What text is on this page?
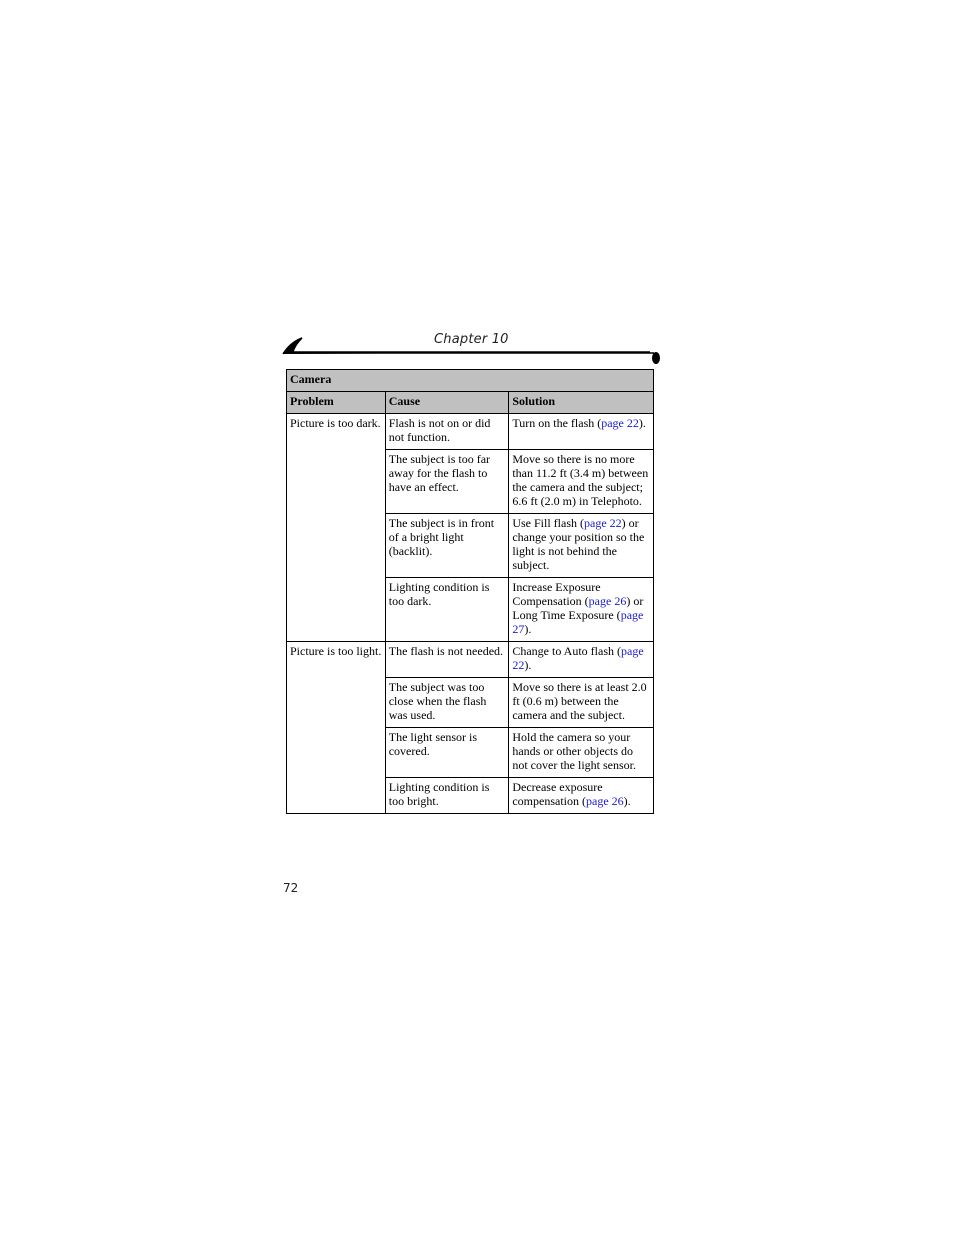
Chapter 10
Camera		
Problem	Cause	Solution
Picture is too dark.	Flash is not on or did not function.	Turn on the flash (page 22).
	The subject is too far away for the flash to have an effect.	Move so there is no more than 11.2 ft (3.4 m) between the camera and the subject; 6.6 ft (2.0 m) in Telephoto.
	The subject is in front of a bright light (backlit).	Use Fill flash (page 22) or change your position so the light is not behind the subject.
	Lighting condition is too dark.	Increase Exposure Compensation (page 26) or Long Time Exposure (page 27).
Picture is too light.	The flash is not needed.	Change to Auto flash (page 22).
	The subject was too close when the flash was used.	Move so there is at least 2.0 ft (0.6 m) between the camera and the subject.
	The light sensor is covered.	Hold the camera so your hands or other objects do not cover the light sensor.
	Lighting condition is too bright.	Decrease exposure compensation (page 26).
72
